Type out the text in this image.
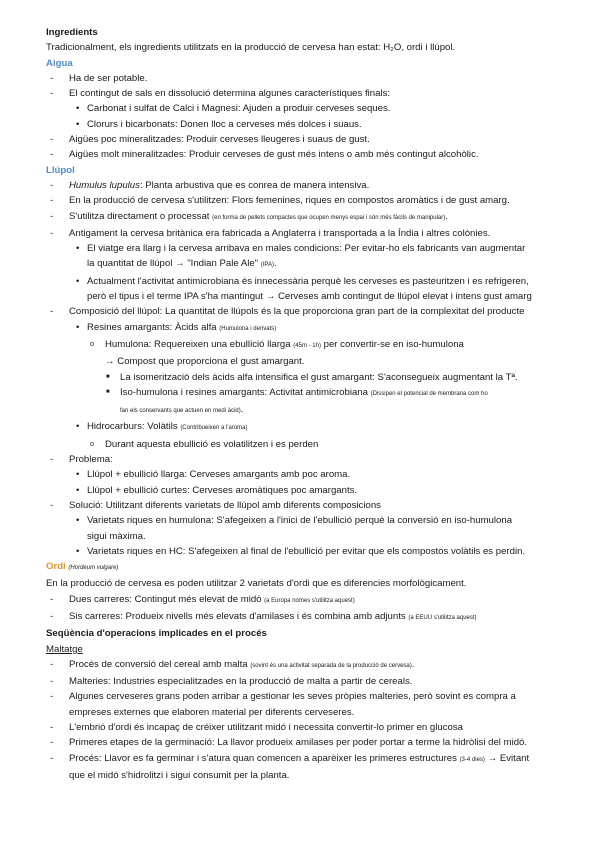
Ingredients
Tradicionalment, els ingredients utilitzats en la producció de cervesa han estat: H₂O, ordi i llúpol.
Aigua
- Ha de ser potable.
- El contingut de sals en dissolució determina algunes característiques finals:
• Carbonat i sulfat de Calci i Magnesi: Ajuden a produir cerveses seques.
• Clorurs i bicarbonats: Donen lloc a cerveses més dolces i suaus.
- Aigües poc mineralitzades: Produir cerveses lleugeres i suaus de gust.
- Aigües molt mineralitzades: Produir cerveses de gust més intens o amb més contingut alcohòlic.
Llúpol
- Humulus lupulus: Planta arbustiva que es conrea de manera intensiva.
- En la producció de cervesa s'utilitzen: Flors femenines, riques en compostos aromàtics i de gust amarg.
- S'utilitza directament o processat (en forma de pellets compactes que ocupen menys espai i són més fàcils de manipular).
- Antigament la cervesa britànica era fabricada a Anglaterra i transportada a la Índia i altres colònies.
• El viatge era llarg i la cervesa arribava en males condicions: Per evitar-ho els fabricants van augmentar
la quantitat de llúpol → "Indian Pale Ale" (IPA).
• Actualment l'activitat antimicrobiana és innecessària perquè les cerveses es pasteuritzen i es refrigeren,
però el tipus i el terme IPA s'ha mantingut → Cerveses amb contingut de llúpol elevat i intens gust amarg
- Composició del llúpol: La quantitat de llúpols és la que proporciona gran part de la complexitat del producte
• Resines amargants: Àcids alfa (Humulona i derivats)
o Humulona: Requereixen una ebullició llarga (45m - 1h) per convertir-se en iso-humulona
→ Compost que proporciona el gust amargant.
■ La isomerització dels àcids alfa intensifica el gust amargant: S'aconsegueix augmentant la Tª.
■ Iso-humulona i resines amargants: Activitat antimicrobiana (Dissipen el potencial de membrana com ho
fan els conservants que actuen en medi àcid).
• Hidrocarburs: Volàtils (Contribueixen a l'aroma)
o Durant aquesta ebullició es volatilitzen i es perden
- Problema:
• Llúpol + ebullició llarga: Cerveses amargants amb poc aroma.
• Llúpol + ebullició curtes: Cerveses aromàtiques poc amargants.
- Solució: Utilitzant diferents varietats de llúpol amb diferents composicions
• Varietats riques en humulona: S'afegeixen a l'inici de l'ebullició perquè la conversió en iso-humulona
sigui màxima.
• Varietats riques en HC: S'afegeixen al final de l'ebullició per evitar que els compostos volàtils es perdin.
Ordi (Hordeum vulgare)
En la producció de cervesa es poden utilitzar 2 varietats d'ordi que es diferencies morfològicament.
- Dues carreres: Contingut més elevat de midó (a Europa nomes s'utilitza aquest)
- Sis carreres: Produeix nivells més elevats d'amilases i és combina amb adjunts (a EEUU s'utilitza aquest)
Seqüència d'operacions implicades en el procés
Maltatge
- Procés de conversió del cereal amb malta (sovint és una activitat separada de la producció de cervesa).
- Malteries: Industries especialitzades en la producció de malta a partir de cereals.
- Algunes cerveseres grans poden arribar a gestionar les seves pròpies malteries, però sovint es compra a
empreses externes que elaboren material per diferents cerveseres.
- L'embrió d'ordi és incapaç de créixer utilitzant midó i necessita convertir-lo primer en glucosa
- Primeres etapes de la germinació: La llavor produeix amilases per poder portar a terme la hidròlisi del midó.
- Procés: Llavor es fa germinar i s'atura quan comencen a aparèixer les primeres estructures (3-4 dies) → Evitant
que el midó s'hidrolitzi i sigui consumit per la planta.
